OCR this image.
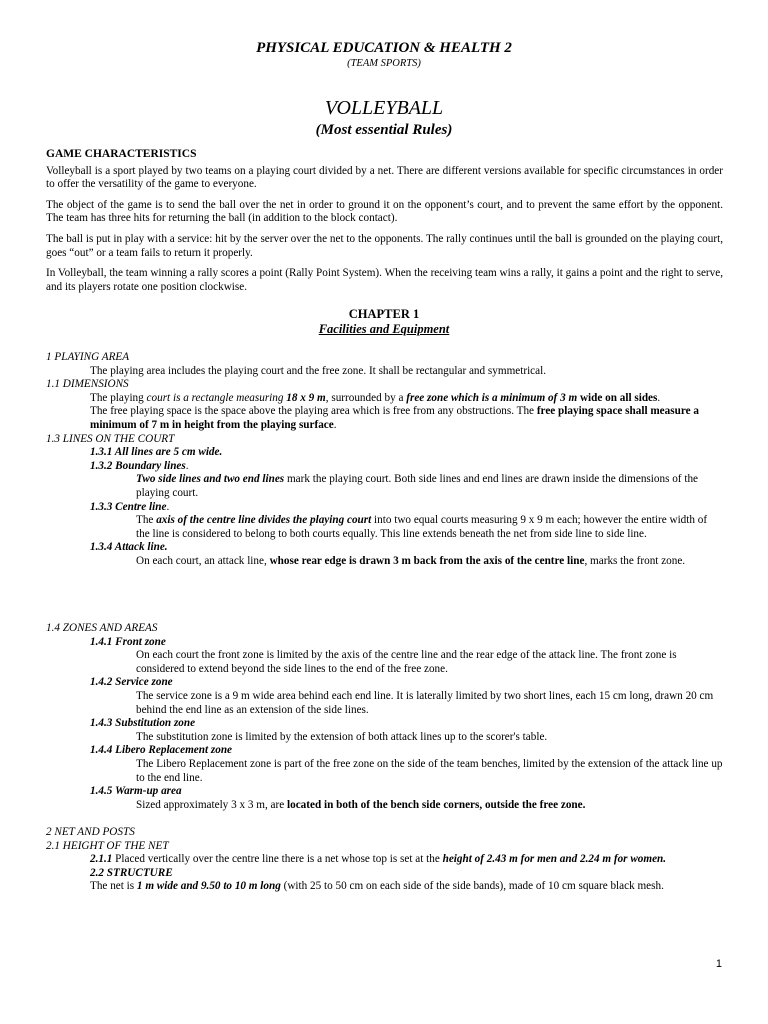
PHYSICAL EDUCATION & HEALTH 2
(TEAM SPORTS)
VOLLEYBALL
(Most essential Rules)
GAME CHARACTERISTICS
Volleyball is a sport played by two teams on a playing court divided by a net. There are different versions available for specific circumstances in order to offer the versatility of the game to everyone.
The object of the game is to send the ball over the net in order to ground it on the opponent’s court, and to prevent the same effort by the opponent. The team has three hits for returning the ball (in addition to the block contact).
The ball is put in play with a service: hit by the server over the net to the opponents. The rally continues until the ball is grounded on the playing court, goes “out” or a team fails to return it properly.
In Volleyball, the team winning a rally scores a point (Rally Point System). When the receiving team wins a rally, it gains a point and the right to serve, and its players rotate one position clockwise.
CHAPTER 1
Facilities and Equipment
1 PLAYING AREA
The playing area includes the playing court and the free zone. It shall be rectangular and symmetrical.
1.1 DIMENSIONS
The playing court is a rectangle measuring 18 x 9 m, surrounded by a free zone which is a minimum of 3 m wide on all sides.
The free playing space is the space above the playing area which is free from any obstructions. The free playing space shall measure a minimum of 7 m in height from the playing surface.
1.3 LINES ON THE COURT
1.3.1 All lines are 5 cm wide.
1.3.2 Boundary lines.
Two side lines and two end lines mark the playing court. Both side lines and end lines are drawn inside the dimensions of the playing court.
1.3.3 Centre line.
The axis of the centre line divides the playing court into two equal courts measuring 9 x 9 m each; however the entire width of the line is considered to belong to both courts equally. This line extends beneath the net from side line to side line.
1.3.4 Attack line.
On each court, an attack line, whose rear edge is drawn 3 m back from the axis of the centre line, marks the front zone.
1.4 ZONES AND AREAS
1.4.1 Front zone
On each court the front zone is limited by the axis of the centre line and the rear edge of the attack line. The front zone is considered to extend beyond the side lines to the end of the free zone.
1.4.2 Service zone
The service zone is a 9 m wide area behind each end line. It is laterally limited by two short lines, each 15 cm long, drawn 20 cm behind the end line as an extension of the side lines.
1.4.3 Substitution zone
The substitution zone is limited by the extension of both attack lines up to the scorer's table.
1.4.4 Libero Replacement zone
The Libero Replacement zone is part of the free zone on the side of the team benches, limited by the extension of the attack line up to the end line.
1.4.5 Warm-up area
Sized approximately 3 x 3 m, are located in both of the bench side corners, outside the free zone.
2 NET AND POSTS
2.1 HEIGHT OF THE NET
2.1.1 Placed vertically over the centre line there is a net whose top is set at the height of 2.43 m for men and 2.24 m for women.
2.2 STRUCTURE
The net is 1 m wide and 9.50 to 10 m long (with 25 to 50 cm on each side of the side bands), made of 10 cm square black mesh.
1
